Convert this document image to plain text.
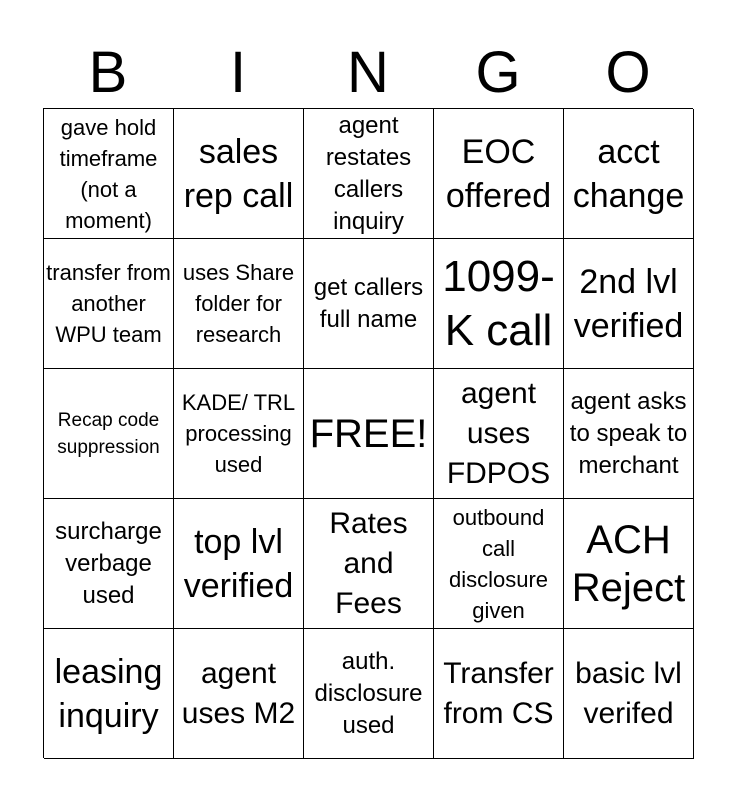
B	I	N	G	O
gave hold timeframe (not a moment)
sales rep call
agent restates callers inquiry
EOC offered
acct change
transfer from another WPU team
uses Share folder for research
get callers full name
1099-K call
2nd lvl verified
Recap code suppression
KADE/ TRL processing used
FREE!
agent uses FDPOS
agent asks to speak to merchant
surcharge verbage used
top lvl verified
Rates and Fees
outbound call disclosure given
ACH Reject
leasing inquiry
agent uses M2
auth. disclosure used
Transfer from CS
basic lvl verifed
